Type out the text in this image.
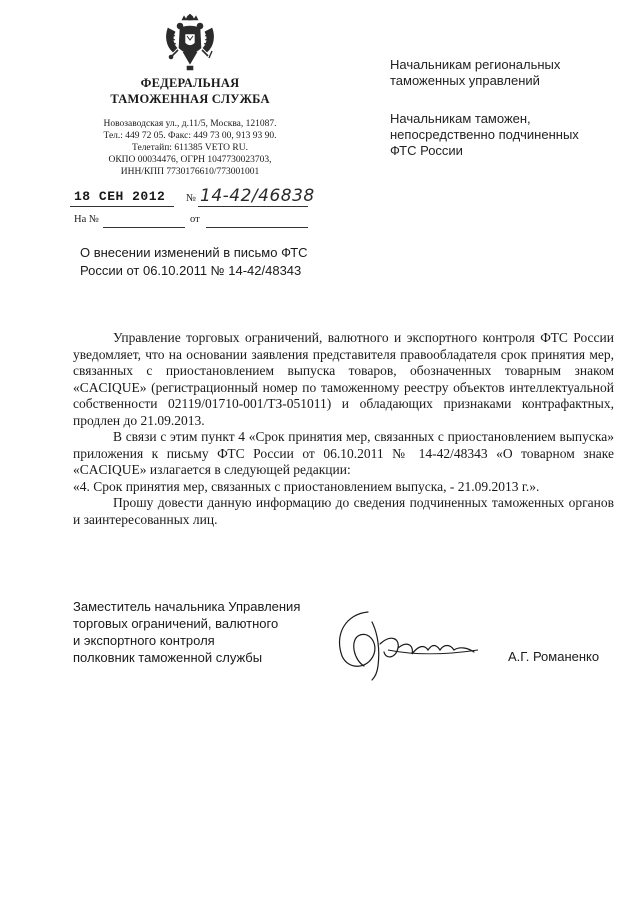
ФЕДЕРАЛЬНАЯ
ТАМОЖЕННАЯ СЛУЖБА
Новозаводская ул., д.11/5, Москва, 121087.
Тел.: 449 72 05. Факс: 449 73 00, 913 93 90.
Телетайп: 611385 VETO RU.
ОКПО 00034476, ОГРН 1047730023703,
ИНН/КПП 7730176610/773001001
Начальникам региональных
таможенных управлений
Начальникам таможен,
непосредственно подчиненных
ФТС России
18 СЕН 2012 № 14-42/46838
На №	от
О внесении изменений в письмо ФТС
России от 06.10.2011 № 14-42/48343

Управление торговых ограничений, валютного и экспортного контроля ФТС России уведомляет, что на основании заявления представителя правообладателя срок принятия мер, связанных с приостановлением выпуска товаров, обозначенных товарным знаком «CACIQUE» (регистрационный номер по таможенному реестру объектов интеллектуальной собственности 02119/01710-001/ТЗ-051011) и обладающих признаками контрафактных, продлен до 21.09.2013.

В связи с этим пункт 4 «Срок принятия мер, связанных с приостановлением выпуска» приложения к письму ФТС России от 06.10.2011 № 14-42/48343 «О товарном знаке «CACIQUE» излагается в следующей редакции:

«4. Срок принятия мер, связанных с приостановлением выпуска, - 21.09.2013 г.».

Прошу довести данную информацию до сведения подчиненных таможенных органов и заинтересованных лиц.

Заместитель начальника Управления
торговых ограничений, валютного
и экспортного контроля
полковник таможенной службы	А.Г. Романенко
